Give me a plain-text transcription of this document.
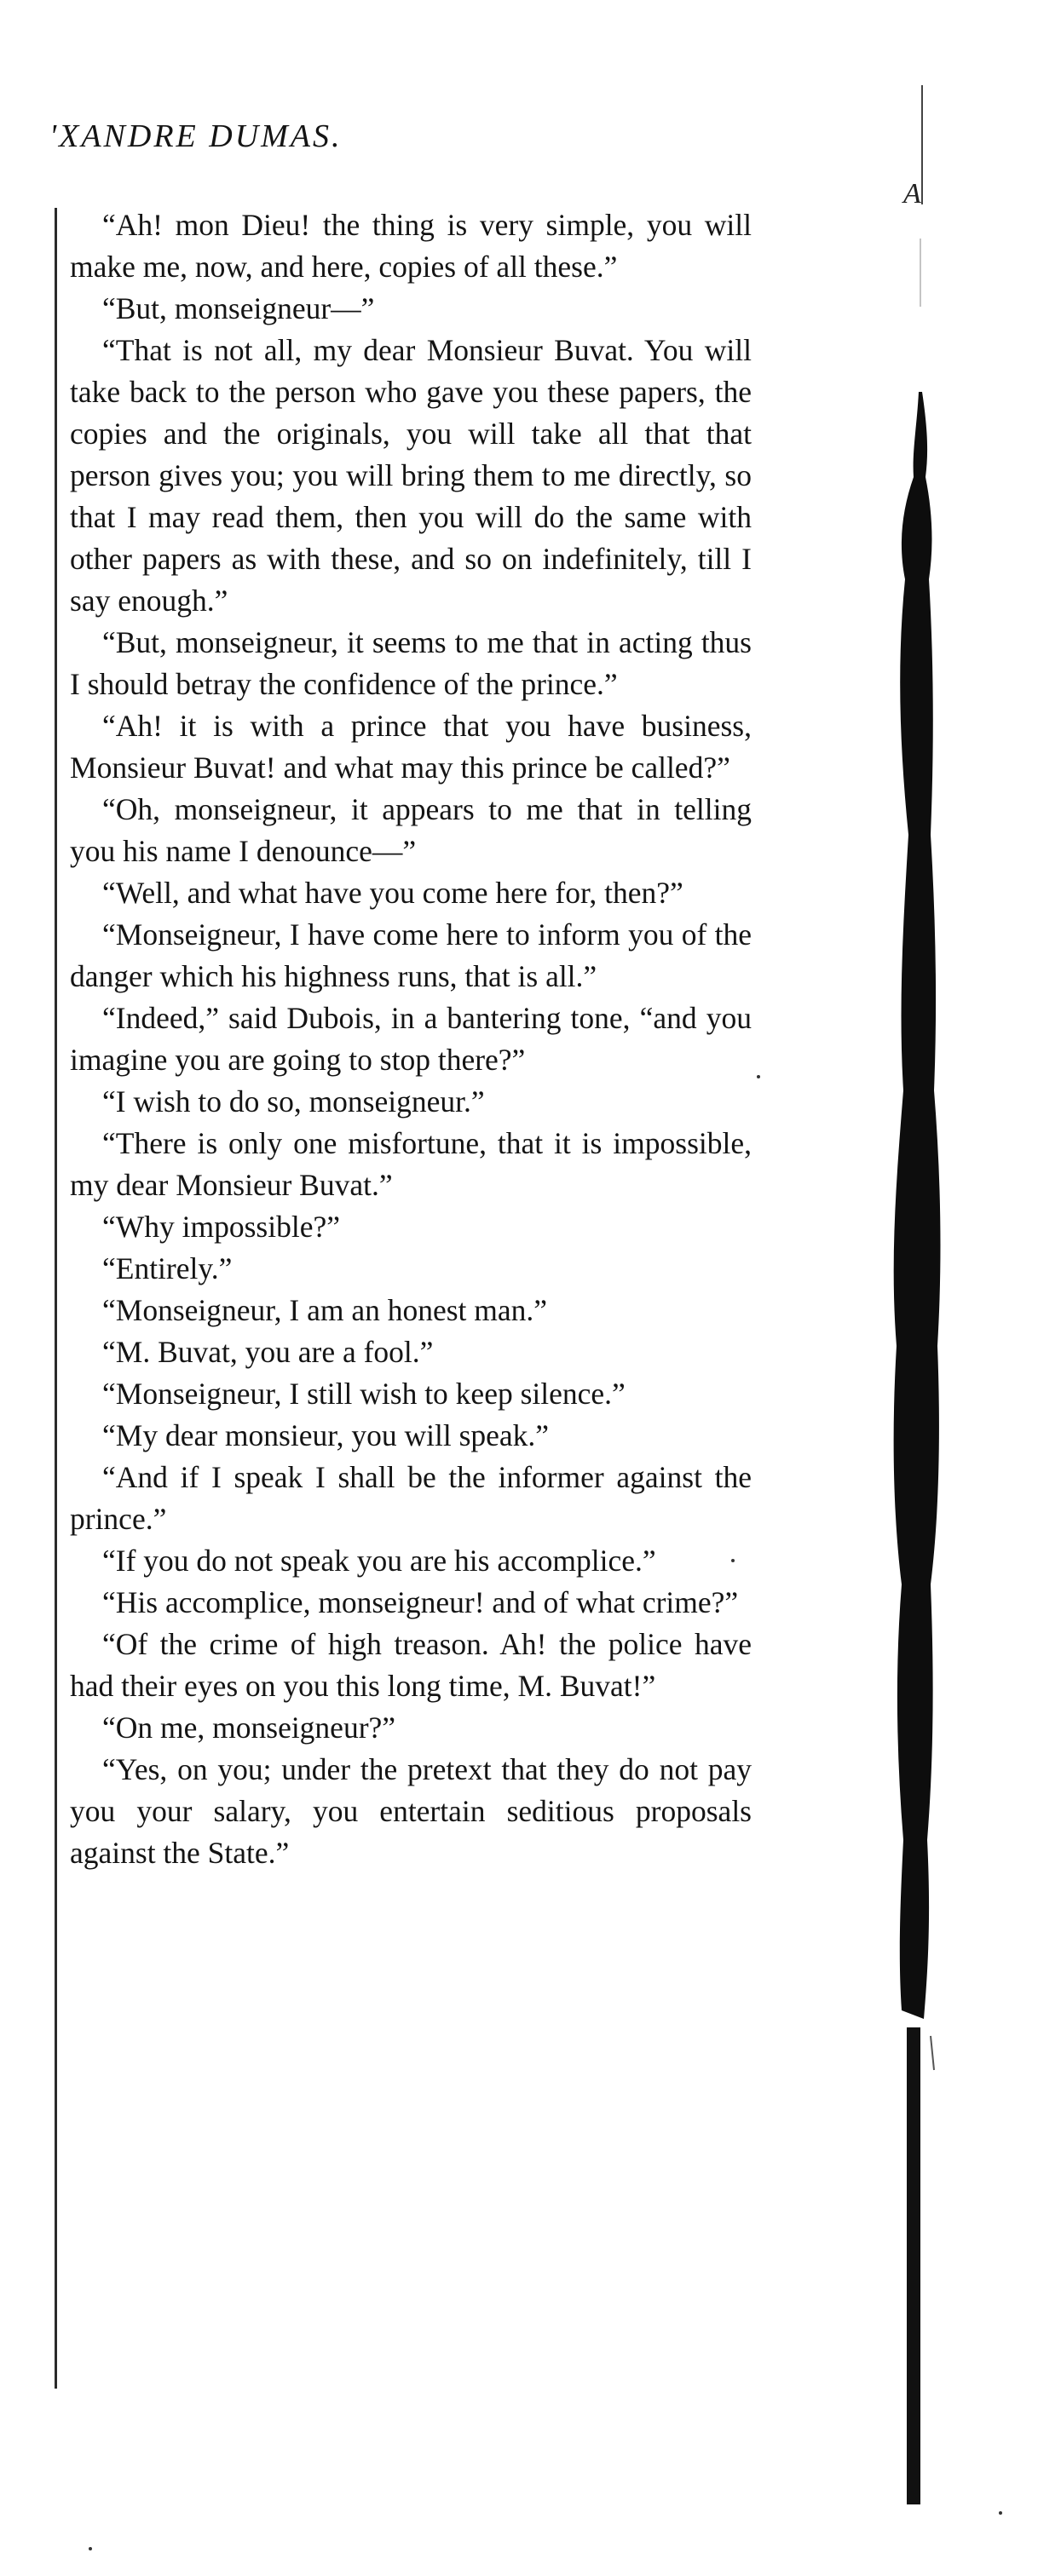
'XANDRE DUMAS.

“Ah! mon Dieu! the thing is very simple, you will make me, now, and here, copies of all these.”

“But, monseigneur—”

“That is not all, my dear Monsieur Buvat. You will take back to the person who gave you these papers, the copies and the originals, you will take all that that person gives you; you will bring them to me directly, so that I may read them, then you will do the same with other papers as with these, and so on indefinitely, till I say enough.”

“But, monseigneur, it seems to me that in acting thus I should betray the confidence of the prince.”

“Ah! it is with a prince that you have business, Monsieur Buvat! and what may this prince be called?”

“Oh, monseigneur, it appears to me that in telling you his name I denounce—”

“Well, and what have you come here for, then?”

“Monseigneur, I have come here to inform you of the danger which his highness runs, that is all.”

“Indeed,” said Dubois, in a bantering tone, “and you imagine you are going to stop there?”

“I wish to do so, monseigneur.”

“There is only one misfortune, that it is impossible, my dear Monsieur Buvat.”

“Why impossible?”

“Entirely.”

“Monseigneur, I am an honest man.”

“M. Buvat, you are a fool.”

“Monseigneur, I still wish to keep silence.”

“My dear monsieur, you will speak.”

“And if I speak I shall be the informer against the prince.”

“If you do not speak you are his accomplice.”

“His accomplice, monseigneur! and of what crime?”

“Of the crime of high treason. Ah! the police have had their eyes on you this long time, M. Buvat!”

“On me, monseigneur?”

“Yes, on you; under the pretext that they do not pay you your salary, you entertain seditious proposals against the State.”

A
